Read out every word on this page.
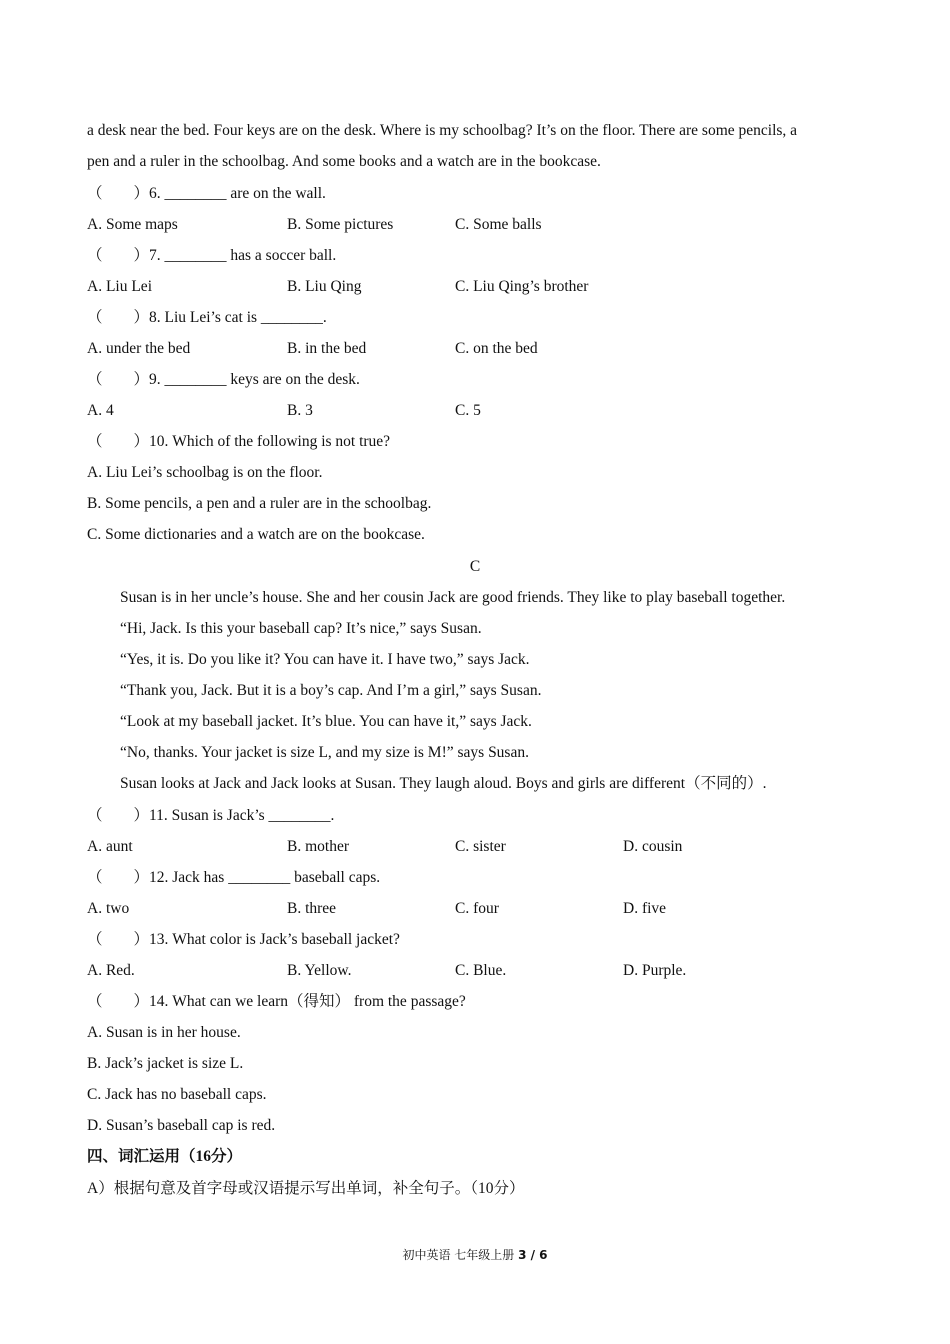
a desk near the bed. Four keys are on the desk. Where is my schoolbag? It’s on the floor. There are some pencils, a
pen and a ruler in the schoolbag. And some books and a watch are in the bookcase.
（　　）6. ________ are on the wall.
A. Some maps	B. Some pictures	C. Some balls
（　　）7. ________ has a soccer ball.
A. Liu Lei	B. Liu Qing	C. Liu Qing’s brother
（　　）8. Liu Lei’s cat is ________.
A. under the bed	B. in the bed	C. on the bed
（　　）9. ________ keys are on the desk.
A. 4	B. 3	C. 5
（　　）10. Which of the following is not true?
A. Liu Lei’s schoolbag is on the floor.
B. Some pencils, a pen and a ruler are in the schoolbag.
C. Some dictionaries and a watch are on the bookcase.
C
Susan is in her uncle’s house. She and her cousin Jack are good friends. They like to play baseball together.
“Hi, Jack. Is this your baseball cap? It’s nice,” says Susan.
“Yes, it is. Do you like it? You can have it. I have two,” says Jack.
“Thank you, Jack. But it is a boy’s cap. And I’m a girl,” says Susan.
“Look at my baseball jacket. It’s blue. You can have it,” says Jack.
“No, thanks. Your jacket is size L, and my size is M!” says Susan.
Susan looks at Jack and Jack looks at Susan. They laugh aloud. Boys and girls are different（不同的）.
（　　）11. Susan is Jack’s ________.
A. aunt	B. mother	C. sister	D. cousin
（　　）12. Jack has ________ baseball caps.
A. two	B. three	C. four	D. five
（　　）13. What color is Jack’s baseball jacket?
A. Red.	B. Yellow.	C. Blue.	D. Purple.
（　　）14. What can we learn（得知） from the passage?
A. Susan is in her house.
B. Jack’s jacket is size L.
C. Jack has no baseball caps.
D. Susan’s baseball cap is red.
四、词汇运用（16分）
A）根据句意及首字母或汉语提示写出单词，补全句子。（10分）
初中英语 七年级上册 3 / 6
